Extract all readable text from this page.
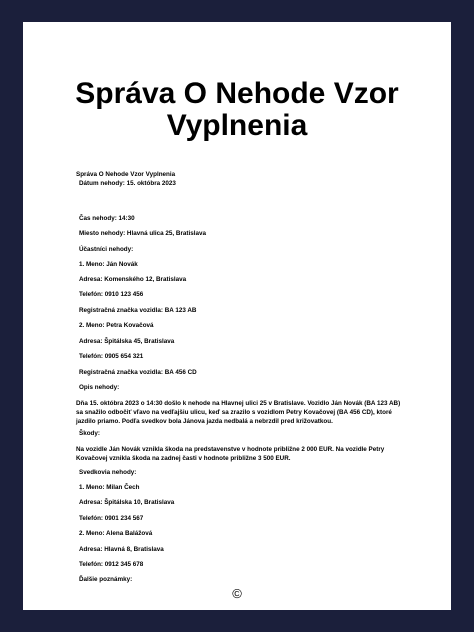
Správa O Nehode Vzor Vyplnenia
Správa O Nehode Vzor Vyplnenia
Dátum nehody: 15. októbra 2023
Čas nehody: 14:30
Miesto nehody: Hlavná ulica 25, Bratislava
Účastníci nehody:
1. Meno: Ján Novák
Adresa: Komenského 12, Bratislava
Telefón: 0910 123 456
Registračná značka vozidla: BA 123 AB
2. Meno: Petra Kovačová
Adresa: Špitálska 45, Bratislava
Telefón: 0905 654 321
Registračná značka vozidla: BA 456 CD
Opis nehody:
Dňa 15. októbra 2023 o 14:30 došlo k nehode na Hlavnej ulici 25 v Bratislave. Vozidlo Ján Novák (BA 123 AB) sa snažilo odbočiť vľavo na vedľajšiu ulicu, keď sa zrazilo s vozidlom Petry Kovačovej (BA 456 CD), ktoré jazdilo priamo. Podľa svedkov bola Jánova jazda nedbalá a nebrzdil pred križovatkou.
Škody:
Na vozidle Ján Novák vznikla škoda na predstavenstve v hodnote približne 2 000 EUR. Na vozidle Petry Kovačovej vznikla škoda na zadnej časti v hodnote približne 3 500 EUR.
Svedkovia nehody:
1. Meno: Milan Čech
Adresa: Špitálska 10, Bratislava
Telefón: 0901 234 567
2. Meno: Alena Balážová
Adresa: Hlavná 8, Bratislava
Telefón: 0912 345 678
Ďalšie poznámky:
©
